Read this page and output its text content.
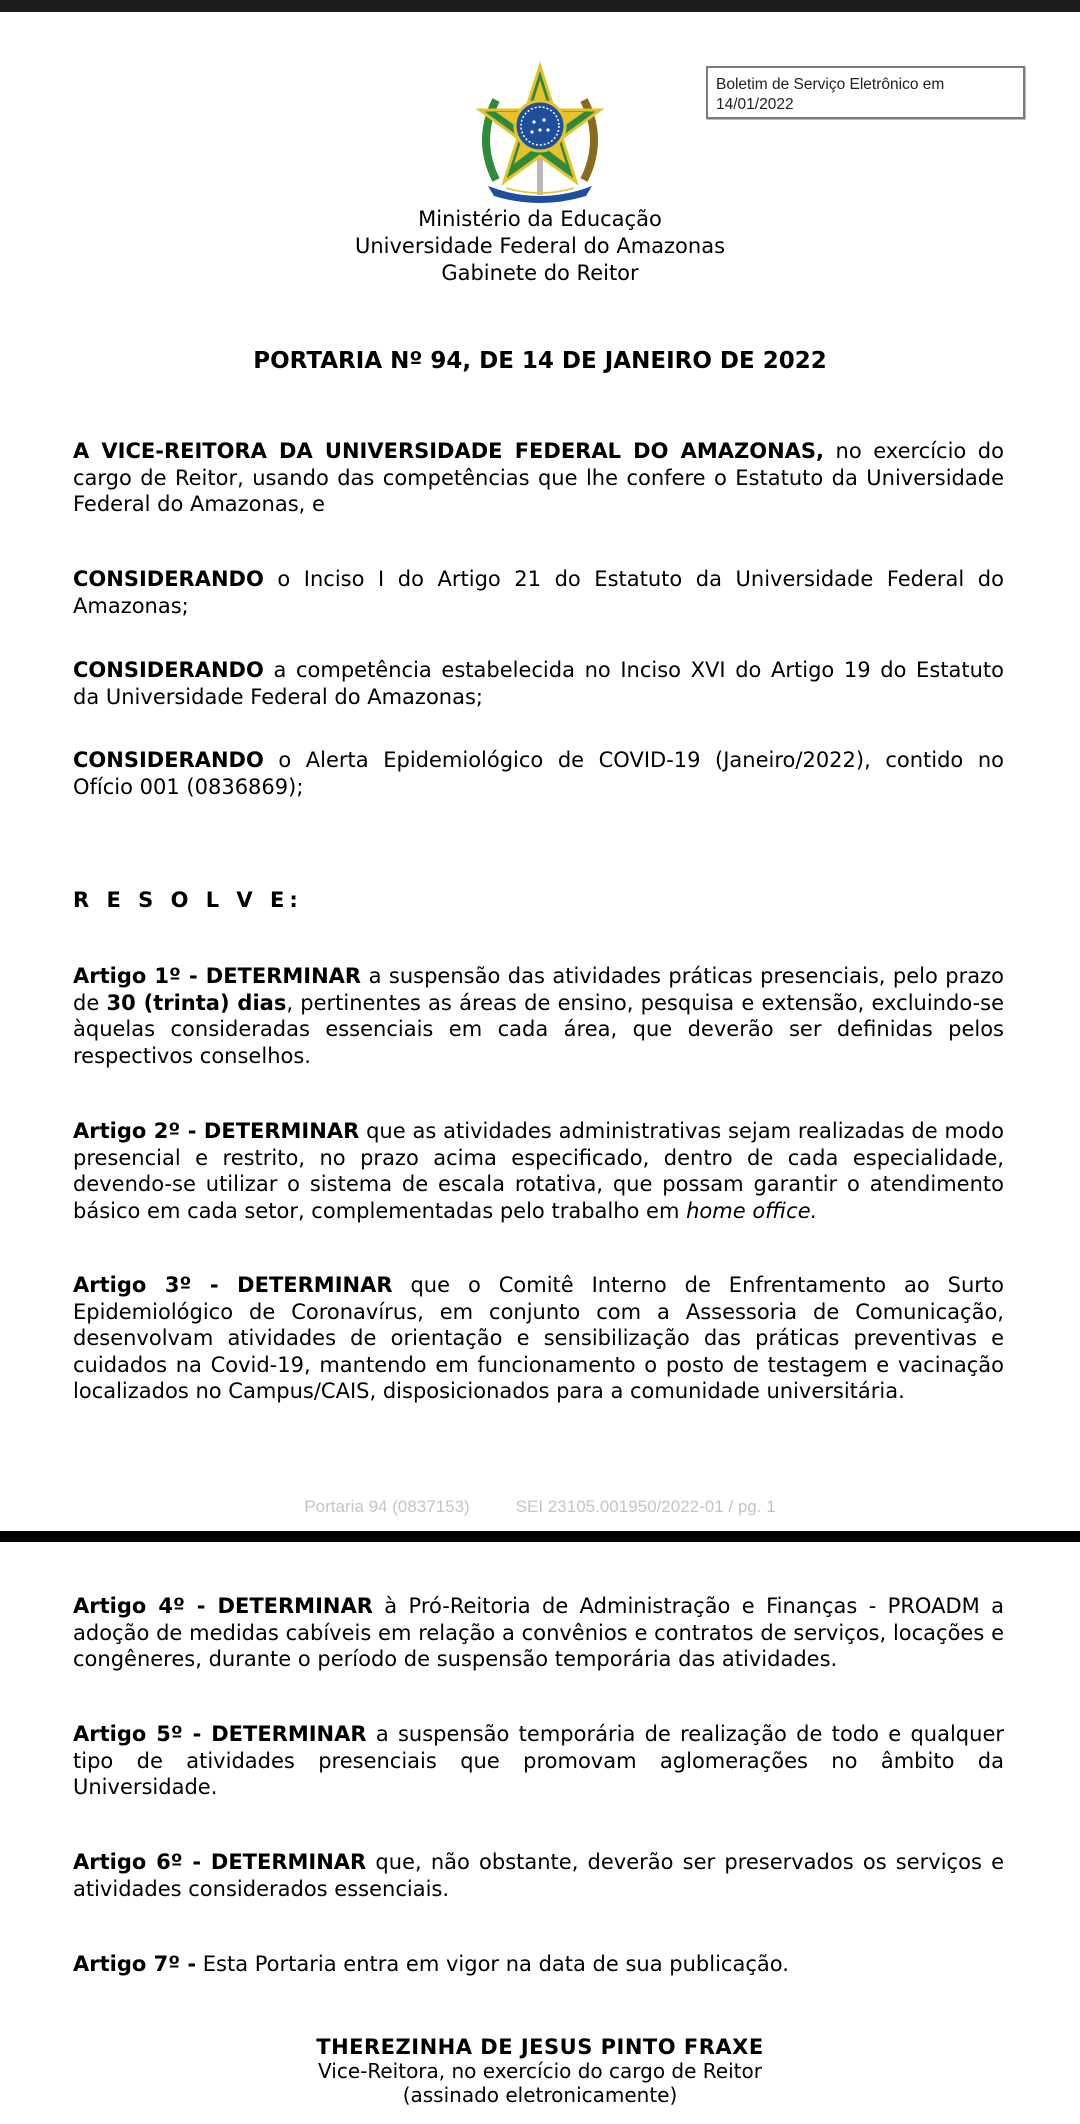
Boletim de Serviço Eletrônico em
14/01/2022
Ministério da Educação
Universidade Federal do Amazonas
Gabinete do Reitor
PORTARIA Nº 94, DE 14 DE JANEIRO DE 2022
A VICE-REITORA DA UNIVERSIDADE FEDERAL DO AMAZONAS, no exercício do cargo de Reitor, usando das competências que lhe confere o Estatuto da Universidade Federal do Amazonas, e
CONSIDERANDO o Inciso I do Artigo 21 do Estatuto da Universidade Federal do Amazonas;
CONSIDERANDO a competência estabelecida no Inciso XVI do Artigo 19 do Estatuto da Universidade Federal do Amazonas;
CONSIDERANDO o Alerta Epidemiológico de COVID-19 (Janeiro/2022), contido no Ofício 001 (0836869);
R E S O L V E:
Artigo 1º - DETERMINAR a suspensão das atividades práticas presenciais, pelo prazo de 30 (trinta) dias, pertinentes as áreas de ensino, pesquisa e extensão, excluindo-se àquelas consideradas essenciais em cada área, que deverão ser definidas pelos respectivos conselhos.
Artigo 2º - DETERMINAR que as atividades administrativas sejam realizadas de modo presencial e restrito, no prazo acima especificado, dentro de cada especialidade, devendo-se utilizar o sistema de escala rotativa, que possam garantir o atendimento básico em cada setor, complementadas pelo trabalho em home office.
Artigo 3º - DETERMINAR que o Comitê Interno de Enfrentamento ao Surto Epidemiológico de Coronavírus, em conjunto com a Assessoria de Comunicação, desenvolvam atividades de orientação e sensibilização das práticas preventivas e cuidados na Covid-19, mantendo em funcionamento o posto de testagem e vacinação localizados no Campus/CAIS, disposicionados para a comunidade universitária.
Portaria 94 (0837153)	SEI 23105.001950/2022-01 / pg. 1
Artigo 4º - DETERMINAR à Pró-Reitoria de Administração e Finanças - PROADM a adoção de medidas cabíveis em relação a convênios e contratos de serviços, locações e congêneres, durante o período de suspensão temporária das atividades.
Artigo 5º - DETERMINAR a suspensão temporária de realização de todo e qualquer tipo de atividades presenciais que promovam aglomerações no âmbito da Universidade.
Artigo 6º - DETERMINAR que, não obstante, deverão ser preservados os serviços e atividades considerados essenciais.
Artigo 7º - Esta Portaria entra em vigor na data de sua publicação.
THEREZINHA DE JESUS PINTO FRAXE
Vice-Reitora, no exercício do cargo de Reitor
(assinado eletronicamente)
